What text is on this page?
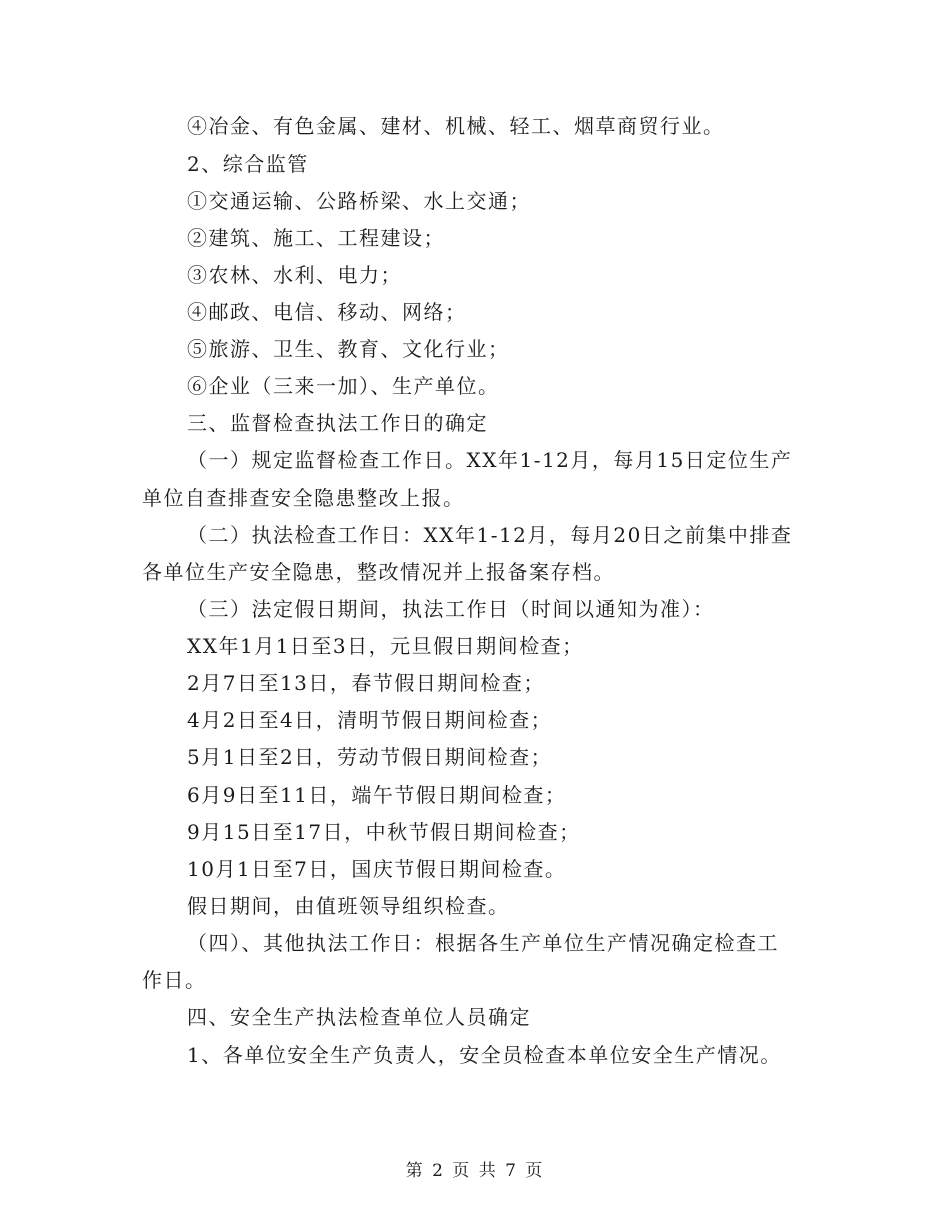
④冶金、有色金属、建材、机械、轻工、烟草商贸行业。
2、综合监管
①交通运输、公路桥梁、水上交通；
②建筑、施工、工程建设；
③农林、水利、电力；
④邮政、电信、移动、网络；
⑤旅游、卫生、教育、文化行业；
⑥企业（三来一加）、生产单位。
三、监督检查执法工作日的确定
（一）规定监督检查工作日。XX年1-12月，每月15日定位生产
单位自查排查安全隐患整改上报。
（二）执法检查工作日：XX年1-12月，每月20日之前集中排查
各单位生产安全隐患，整改情况并上报备案存档。
（三）法定假日期间，执法工作日（时间以通知为准）：
XX年1月1日至3日，元旦假日期间检查；
2月7日至13日，春节假日期间检查；
4月2日至4日，清明节假日期间检查；
5月1日至2日，劳动节假日期间检查；
6月9日至11日，端午节假日期间检查；
9月15日至17日，中秋节假日期间检查；
10月1日至7日，国庆节假日期间检查。
假日期间，由值班领导组织检查。
（四）、其他执法工作日：根据各生产单位生产情况确定检查工
作日。
四、安全生产执法检查单位人员确定
1、各单位安全生产负责人，安全员检查本单位安全生产情况。
第 2 页 共 7 页
